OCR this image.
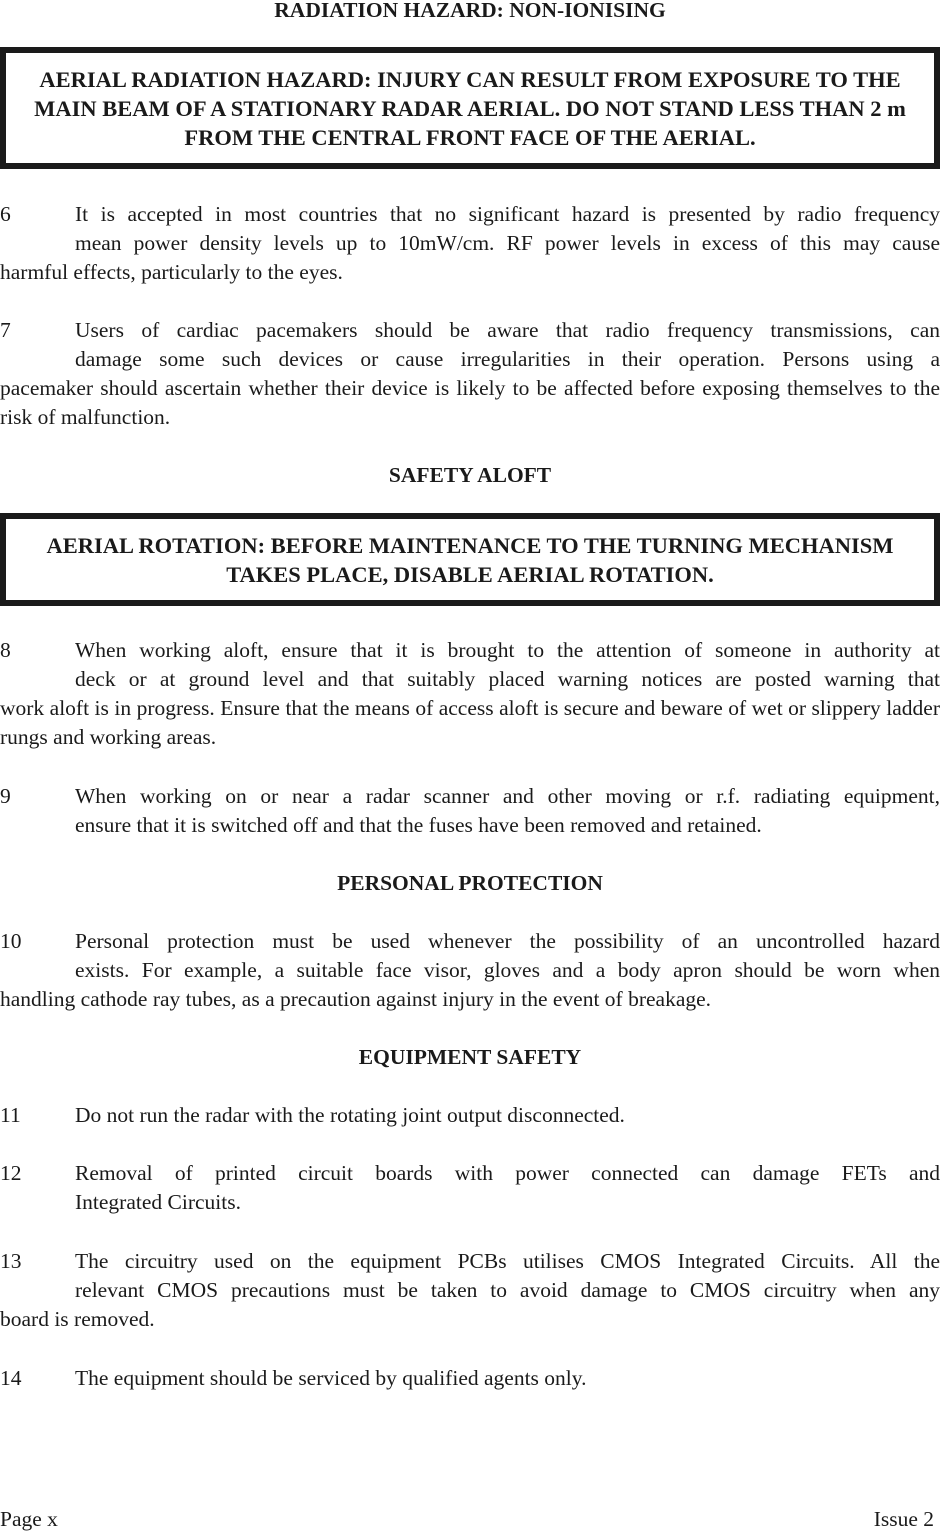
RADIATION HAZARD: NON-IONISING
AERIAL RADIATION HAZARD: INJURY CAN RESULT FROM EXPOSURE TO THE MAIN BEAM OF A STATIONARY RADAR AERIAL. DO NOT STAND LESS THAN 2 m FROM THE CENTRAL FRONT FACE OF THE AERIAL.
6	It is accepted in most countries that no significant hazard is presented by radio frequency
mean power density levels up to 10mW/cm. RF power levels in excess of this may cause
harmful effects, particularly to the eyes.
7	Users of cardiac pacemakers should be aware that radio frequency transmissions, can
damage some such devices or cause irregularities in their operation. Persons using a
pacemaker should ascertain whether their device is likely to be affected before exposing themselves to the risk of malfunction.
SAFETY ALOFT
AERIAL ROTATION: BEFORE MAINTENANCE TO THE TURNING MECHANISM TAKES PLACE, DISABLE AERIAL ROTATION.
8	When working aloft, ensure that it is brought to the attention of someone in authority at
deck or at ground level and that suitably placed warning notices are posted warning that
work aloft is in progress. Ensure that the means of access aloft is secure and beware of wet or slippery ladder rungs and working areas.
9	When working on or near a radar scanner and other moving or r.f. radiating equipment,
ensure that it is switched off and that the fuses have been removed and retained.
PERSONAL PROTECTION
10 Personal protection must be used whenever the possibility of an uncontrolled hazard
exists. For example, a suitable face visor, gloves and a body apron should be worn when
handling cathode ray tubes, as a precaution against injury in the event of breakage.
EQUIPMENT SAFETY
11	Do not run the radar with the rotating joint output disconnected.
12 Removal of printed circuit boards with power connected can damage FETs and
Integrated Circuits.
13 The circuitry used on the equipment PCBs utilises CMOS Integrated Circuits. All the
relevant CMOS precautions must be taken to avoid damage to CMOS circuitry when any
board is removed.
14 The equipment should be serviced by qualified agents only.
Page x	Issue 2
